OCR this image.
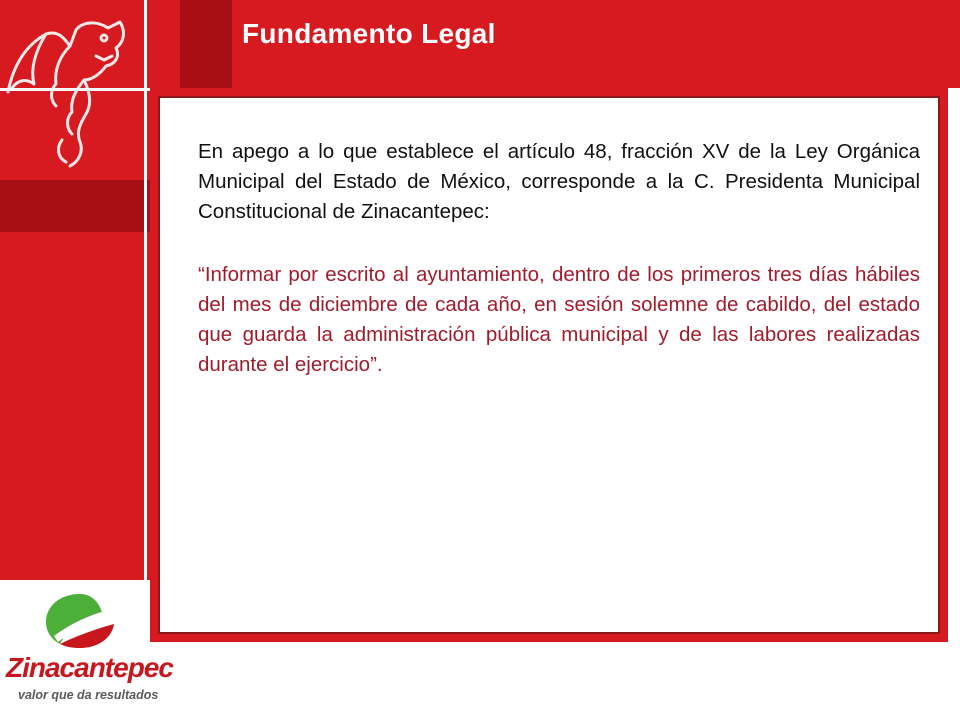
Fundamento Legal
En apego a lo que establece el artículo 48, fracción XV de la Ley Orgánica Municipal del Estado de México, corresponde a la C. Presidenta Municipal Constitucional de Zinacantepec:
“Informar por escrito al ayuntamiento, dentro de los primeros tres días hábiles del mes de diciembre de cada año, en sesión solemne de cabildo, del estado que guarda la administración pública municipal y de las labores realizadas durante el ejercicio”.
Zinacantepec
valor que da resultados
